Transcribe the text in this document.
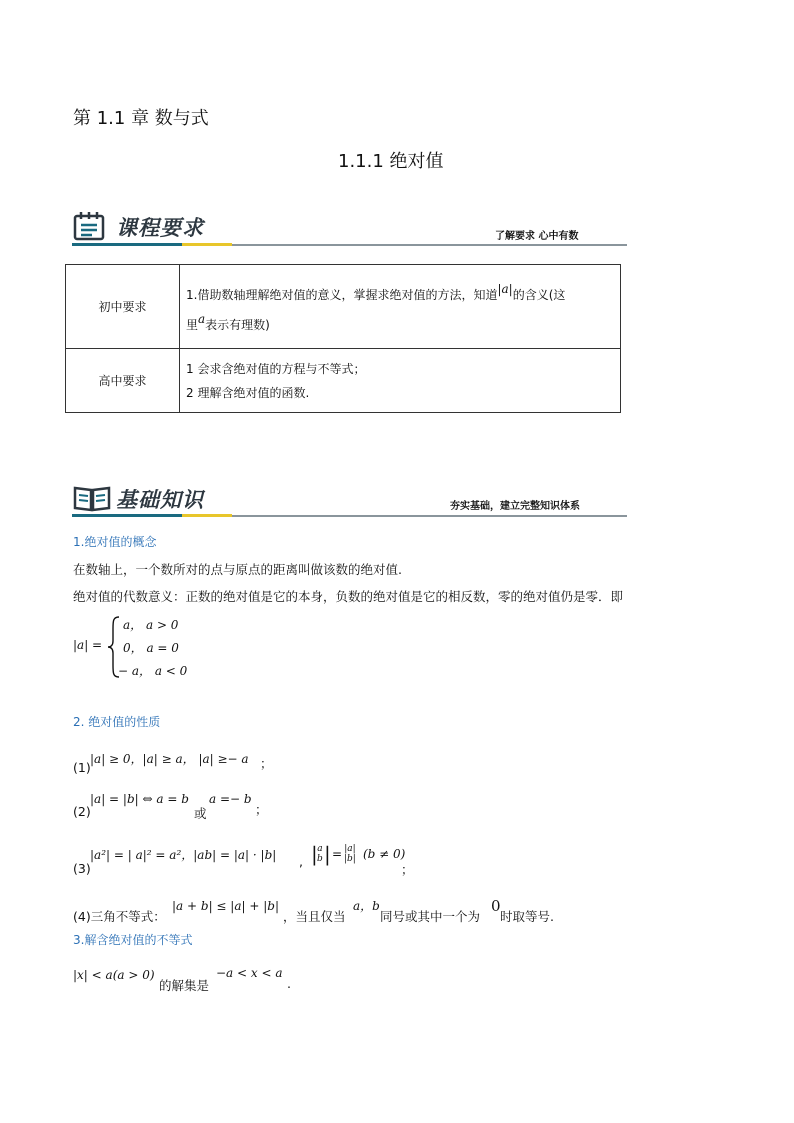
第 1.1 章 数与式
1.1.1 绝对值
课程要求	了解要求 心中有数
初中要求	1.借助数轴理解绝对值的意义，掌握求绝对值的方法，知道|a|的含义(这
里a表示有理数)
高中要求	1 会求含绝对值的方程与不等式；
2 理解含绝对值的函数.
基础知识	夯实基础，建立完整知识体系
1.绝对值的概念
在数轴上，一个数所对的点与原点的距离叫做该数的绝对值.
绝对值的代数意义：正数的绝对值是它的本身，负数的绝对值是它的相反数，零的绝对值仍是零．即
|a| =
a， a > 0
0， a = 0
− a， a < 0
2. 绝对值的性质
(1)
|a| ≥ 0，|a| ≥ a， |a| ≥− a ；
(2)
|a| = |b| ⇔ a = b
或
a =− b
；
(3)
|a²| = | a|² = a²，|ab| = |a| · |b| , | a
b | = |a|
|b| (b ≠ 0)
；
(4)三角不等式：
|a + b| ≤ |a| + |b|
，当且仅当
a，b
同号或其中一个为
0
时取等号.
3.解含绝对值的不等式
|x| < a(a > 0)
的解集是
−a < x < a
.
